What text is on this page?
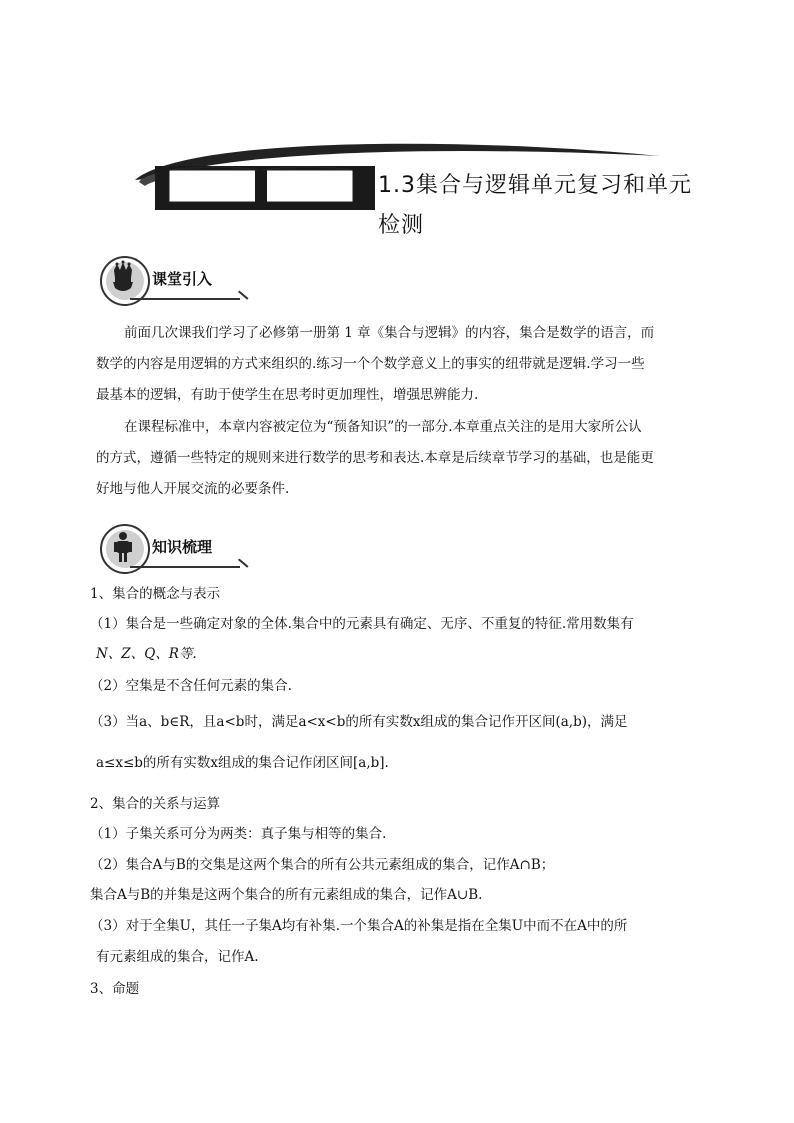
1.3集合与逻辑单元复习和单元
检测
课堂引入
前面几次课我们学习了必修第一册第 1 章《集合与逻辑》的内容，集合是数学的语言，而
数学的内容是用逻辑的方式来组织的.练习一个个数学意义上的事实的纽带就是逻辑.学习一些
最基本的逻辑，有助于使学生在思考时更加理性，增强思辨能力.
在课程标准中，本章内容被定位为“预备知识”的一部分.本章重点关注的是用大家所公认
的方式，遵循一些特定的规则来进行数学的思考和表达.本章是后续章节学习的基础，也是能更
好地与他人开展交流的必要条件.
知识梳理
1、集合的概念与表示
（1）集合是一些确定对象的全体.集合中的元素具有确定、无序、不重复的特征.常用数集有
N、Z、Q、R等.
（2）空集是不含任何元素的集合.
（3）当a、b∈R，且a<b时，满足a<x<b的所有实数x组成的集合记作开区间(a,b)，满足
a≤x≤b的所有实数x组成的集合记作闭区间[a,b].
2、集合的关系与运算
（1）子集关系可分为两类：真子集与相等的集合.
（2）集合A与B的交集是这两个集合的所有公共元素组成的集合，记作A∩B；
集合A与B的并集是这两个集合的所有元素组成的集合，记作A∪B.
（3）对于全集U，其任一子集A均有补集.一个集合A的补集是指在全集U中而不在A中的所
有元素组成的集合，记作A.
3、命题
